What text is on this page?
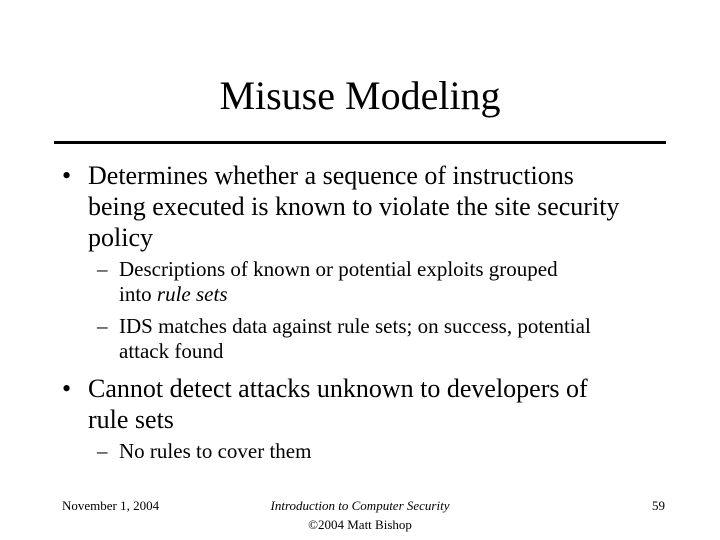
Misuse Modeling
• Determines whether a sequence of instructions
being executed is known to violate the site security
policy
– Descriptions of known or potential exploits grouped
into rule sets
– IDS matches data against rule sets; on success, potential
attack found
• Cannot detect attacks unknown to developers of
rule sets
– No rules to cover them
November 1, 2004	Introduction to Computer Security
©2004 Matt Bishop
59
